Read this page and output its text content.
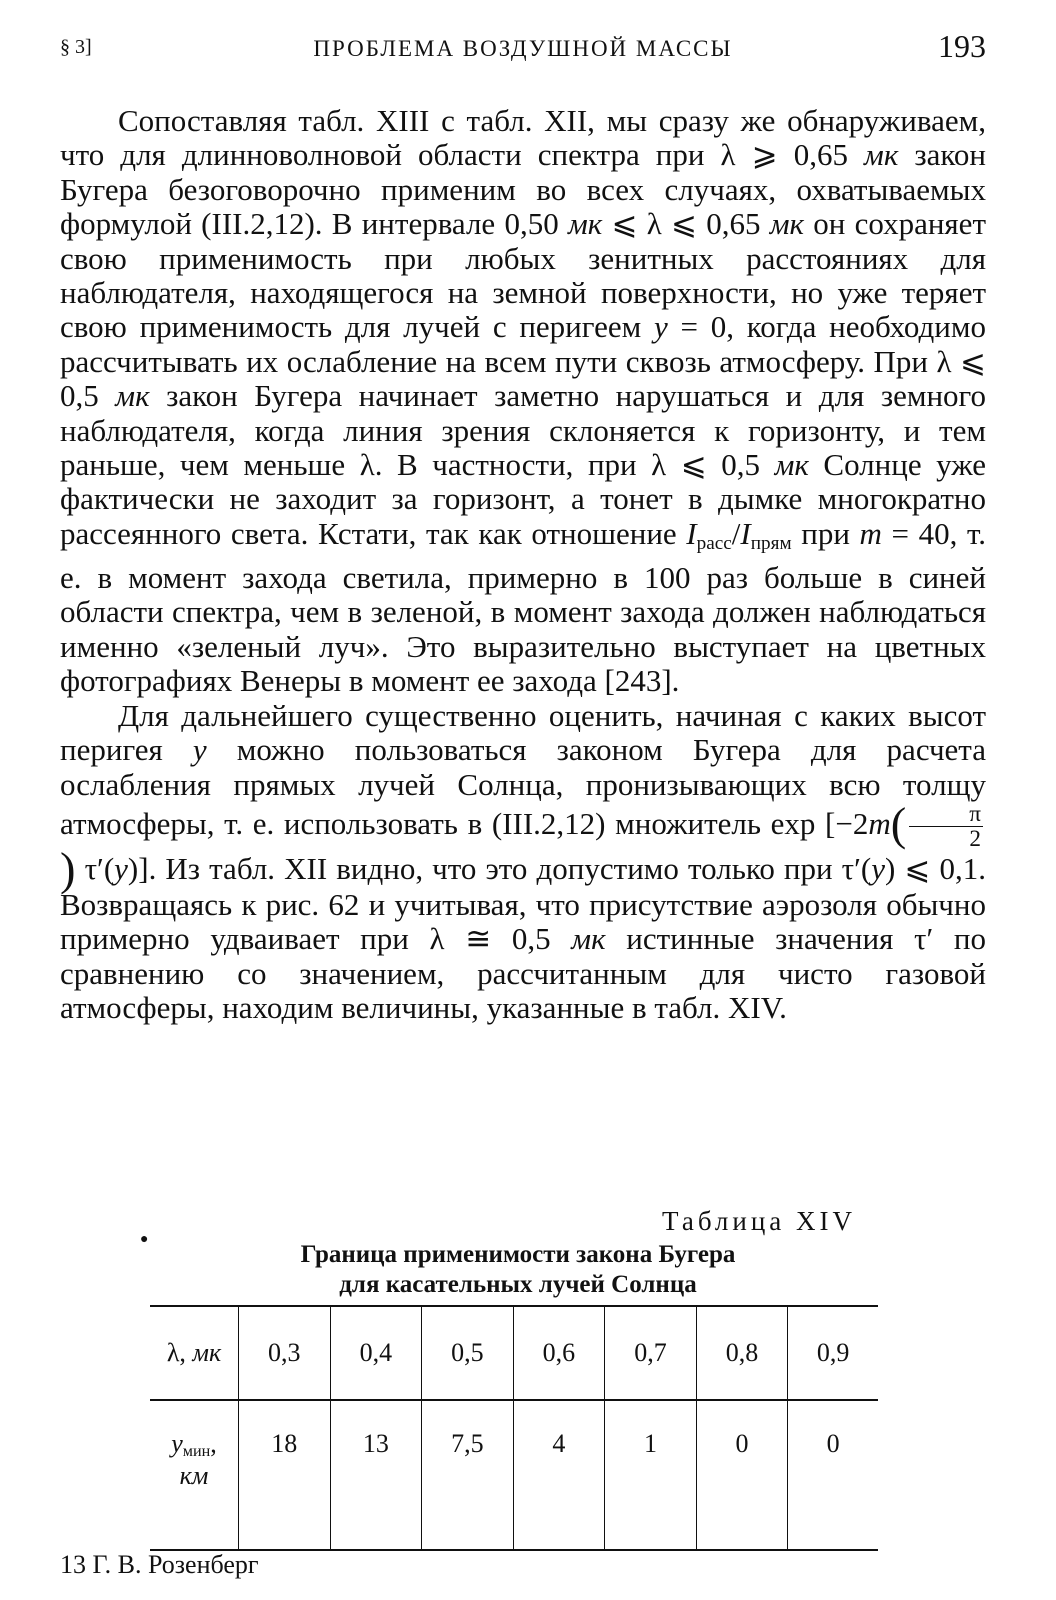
§ 3]	ПРОБЛЕМА ВОЗДУШНОЙ МАССЫ	193

Сопоставляя табл. XIII с табл. XII, мы сразу же обнаруживаем, что для длинноволновой области спектра при λ ⩾ 0,65 мк закон Бугера безоговорочно применим во всех случаях, охватываемых формулой (III.2,12). В интервале 0,50 мк ⩽ λ ⩽ 0,65 мк он сохраняет свою применимость при любых зенитных расстояниях для наблюдателя, находящегося на земной поверхности, но уже теряет свою применимость для лучей с перигеем y = 0, когда необходимо рассчитывать их ослабление на всем пути сквозь атмосферу. При λ ⩽ 0,5 мк закон Бугера начинает заметно нарушаться и для земного наблюдателя, когда линия зрения склоняется к горизонту, и тем раньше, чем меньше λ. В частности, при λ ⩽ 0,5 мк Солнце уже фактически не заходит за горизонт, а тонет в дымке многократно рассеянного света. Кстати, так как отношение $I_{расс}/I_{прям}$ при m = 40, т. е. в момент захода светила, примерно в 100 раз больше в синей области спектра, чем в зеленой, в момент захода должен наблюдаться именно «зеленый луч». Это выразительно выступает на цветных фотографиях Венеры в момент ее захода [243].

Для дальнейшего существенно оценить, начиная с каких высот перигея y можно пользоваться законом Бугера для расчета ослабления прямых лучей Солнца, пронизывающих всю толщу атмосферы, т. е. использовать в (III.2,12) множитель $\exp [-2m( \frac{\pi}{2}$
) τ′(y)]. Из табл. XII видно, что это допустимо только при τ′(y) ⩽ 0,1. Возвращаясь к рис. 62 и учитывая, что присутствие аэрозоля обычно примерно удваивает при λ ≅ 0,5 мк истинные значения τ′ по сравнению со значением, рассчитанным для чисто газовой атмосферы, находим величины, указанные в табл. XIV.

●
Таблица XIV
Граница применимости закона Бугера
для касательных лучей Солнца
λ, мк	0,3	0,4	0,5	0,6	0,7	0,8	0,9
$y_{мин}$,
км	18	13	7,5	4	1	0	0
13 Г. В. Розенберг
